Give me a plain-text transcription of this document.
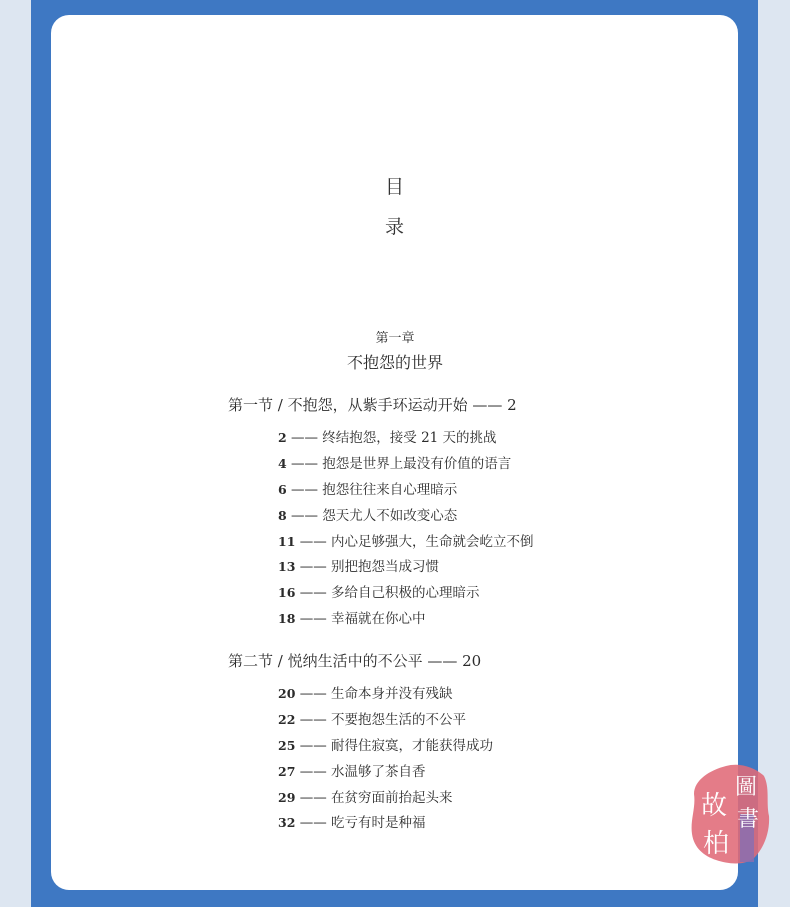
目
录
第一章
不抱怨的世界
第一节 / 不抱怨，从紫手环运动开始 —— 2
2 —— 终结抱怨，接受 21 天的挑战
4 —— 抱怨是世界上最没有价值的语言
6 —— 抱怨往往来自心理暗示
8 —— 怨天尤人不如改变心态
11 —— 内心足够强大，生命就会屹立不倒
13 —— 别把抱怨当成习惯
16 —— 多给自己积极的心理暗示
18 —— 幸福就在你心中
第二节 / 悦纳生活中的不公平 —— 20
20 —— 生命本身并没有残缺
22 —— 不要抱怨生活的不公平
25 —— 耐得住寂寞，才能获得成功
27 —— 水温够了茶自香
29 —— 在贫穷面前抬起头来
32 —— 吃亏有时是种福
圖
書
故
柏
